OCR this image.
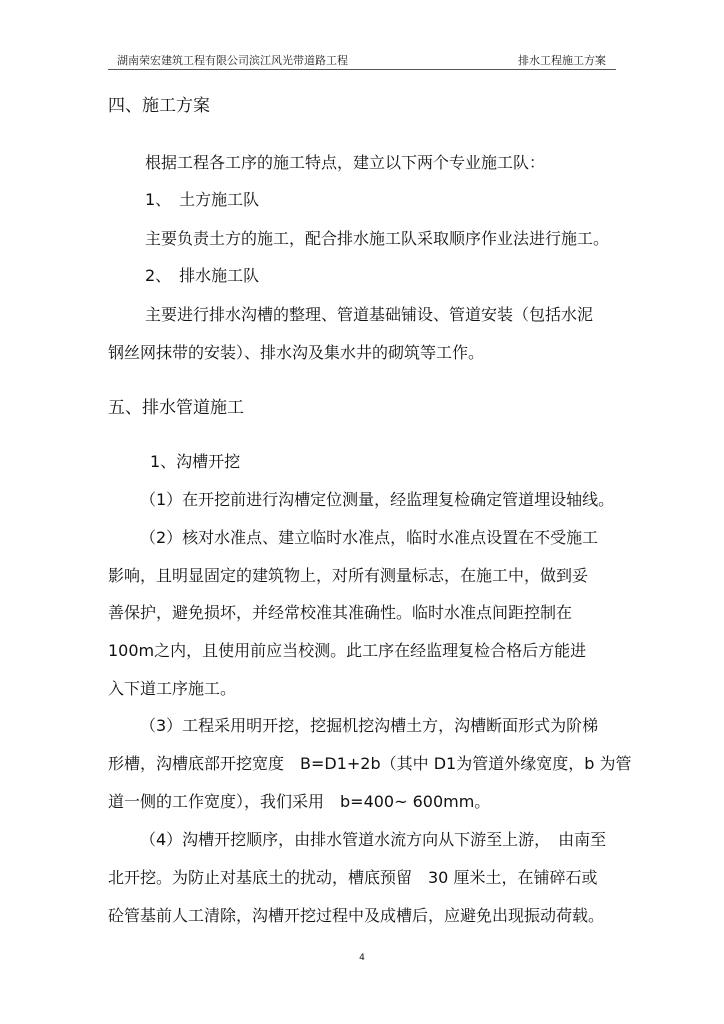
湖南荣宏建筑工程有限公司滨江风光带道路工程	排水工程施工方案
四、施工方案
根据工程各工序的施工特点，建立以下两个专业施工队：
1、　土方施工队
主要负责土方的施工，配合排水施工队采取顺序作业法进行施工。
2、　排水施工队
主要进行排水沟槽的整理、管道基础铺设、管道安装（包括水泥
钢丝网抹带的安装）、排水沟及集水井的砌筑等工作。
五、排水管道施工
1、沟槽开挖
（1）在开挖前进行沟槽定位测量，经监理复检确定管道埋设轴线。
（2）核对水准点、建立临时水准点，临时水准点设置在不受施工
影响，且明显固定的建筑物上，对所有测量标志，在施工中，做到妥
善保护，避免损坏，并经常校准其准确性。临时水准点间距控制在
100m之内，且使用前应当校测。此工序在经监理复检合格后方能进
入下道工序施工。
（3）工程采用明开挖，挖掘机挖沟槽土方，沟槽断面形式为阶梯
形槽，沟槽底部开挖宽度　B=D1+2b（其中 D1为管道外缘宽度，b 为管
道一侧的工作宽度），我们采用　b=400~ 600mm。
（4）沟槽开挖顺序，由排水管道水流方向从下游至上游，　由南至
北开挖。为防止对基底土的扰动，槽底预留　30 厘米土，在铺碎石或
砼管基前人工清除，沟槽开挖过程中及成槽后，应避免出现振动荷载。
4
